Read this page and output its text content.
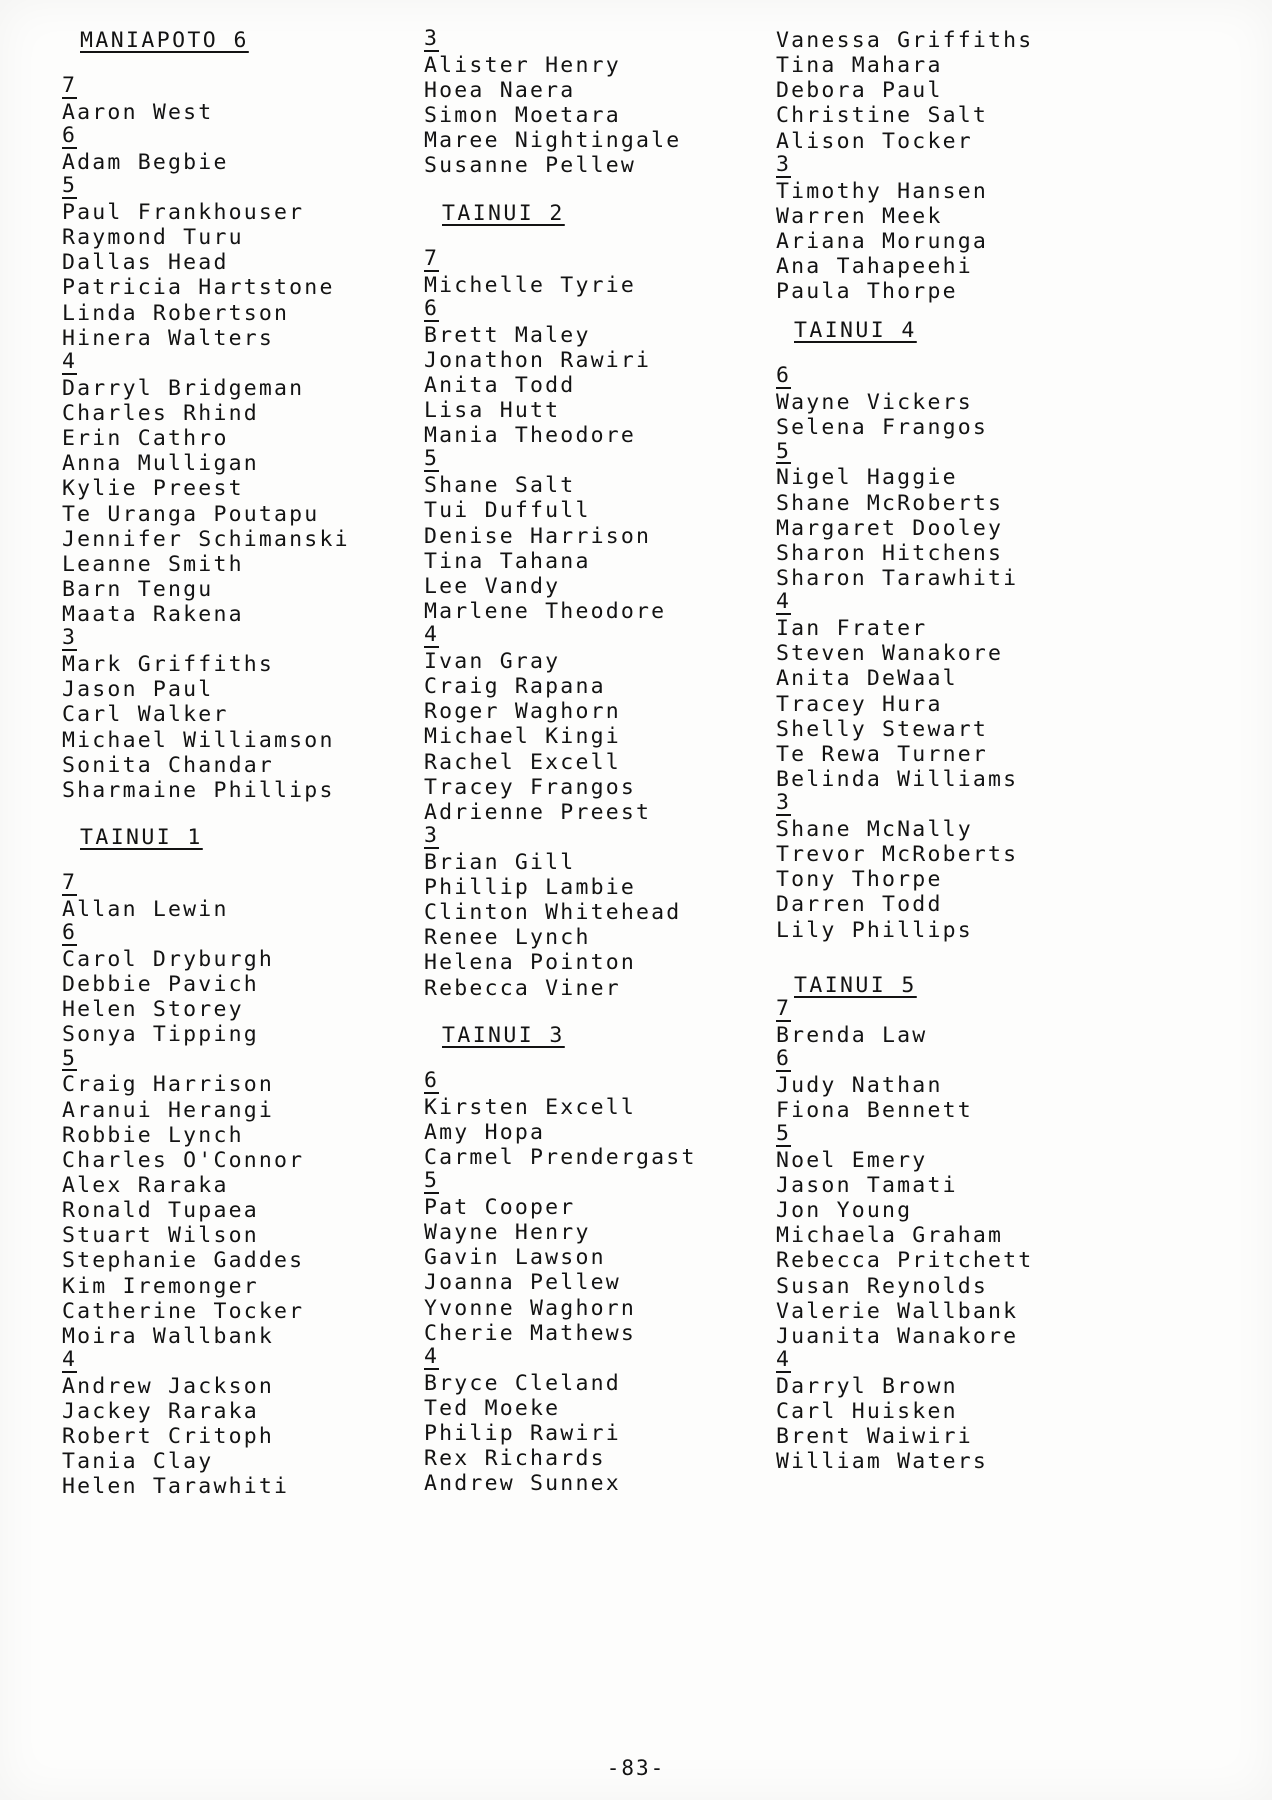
MANIAPOTO 6
7
Aaron West
6
Adam Begbie
5
Paul Frankhouser
Raymond Turu
Dallas Head
Patricia Hartstone
Linda Robertson
Hinera Walters
4
Darryl Bridgeman
Charles Rhind
Erin Cathro
Anna Mulligan
Kylie Preest
Te Uranga Poutapu
Jennifer Schimanski
Leanne Smith
Barn Tengu
Maata Rakena
3
Mark Griffiths
Jason Paul
Carl Walker
Michael Williamson
Sonita Chandar
Sharmaine Phillips
TAINUI 1
7
Allan Lewin
6
Carol Dryburgh
Debbie Pavich
Helen Storey
Sonya Tipping
5
Craig Harrison
Aranui Herangi
Robbie Lynch
Charles O'Connor
Alex Raraka
Ronald Tupaea
Stuart Wilson
Stephanie Gaddes
Kim Iremonger
Catherine Tocker
Moira Wallbank
4
Andrew Jackson
Jackey Raraka
Robert Critoph
Tania Clay
Helen Tarawhiti
3
Alister Henry
Hoea Naera
Simon Moetara
Maree Nightingale
Susanne Pellew
TAINUI 2
7
Michelle Tyrie
6
Brett Maley
Jonathon Rawiri
Anita Todd
Lisa Hutt
Mania Theodore
5
Shane Salt
Tui Duffull
Denise Harrison
Tina Tahana
Lee Vandy
Marlene Theodore
4
Ivan Gray
Craig Rapana
Roger Waghorn
Michael Kingi
Rachel Excell
Tracey Frangos
Adrienne Preest
3
Brian Gill
Phillip Lambie
Clinton Whitehead
Renee Lynch
Helena Pointon
Rebecca Viner
TAINUI 3
6
Kirsten Excell
Amy Hopa
Carmel Prendergast
5
Pat Cooper
Wayne Henry
Gavin Lawson
Joanna Pellew
Yvonne Waghorn
Cherie Mathews
4
Bryce Cleland
Ted Moeke
Philip Rawiri
Rex Richards
Andrew Sunnex
Vanessa Griffiths
Tina Mahara
Debora Paul
Christine Salt
Alison Tocker
3
Timothy Hansen
Warren Meek
Ariana Morunga
Ana Tahapeehi
Paula Thorpe
TAINUI 4
6
Wayne Vickers
Selena Frangos
5
Nigel Haggie
Shane McRoberts
Margaret Dooley
Sharon Hitchens
Sharon Tarawhiti
4
Ian Frater
Steven Wanakore
Anita DeWaal
Tracey Hura
Shelly Stewart
Te Rewa Turner
Belinda Williams
3
Shane McNally
Trevor McRoberts
Tony Thorpe
Darren Todd
Lily Phillips
TAINUI 5
7
Brenda Law
6
Judy Nathan
Fiona Bennett
5
Noel Emery
Jason Tamati
Jon Young
Michaela Graham
Rebecca Pritchett
Susan Reynolds
Valerie Wallbank
Juanita Wanakore
4
Darryl Brown
Carl Huisken
Brent Waiwiri
William Waters
-83-
